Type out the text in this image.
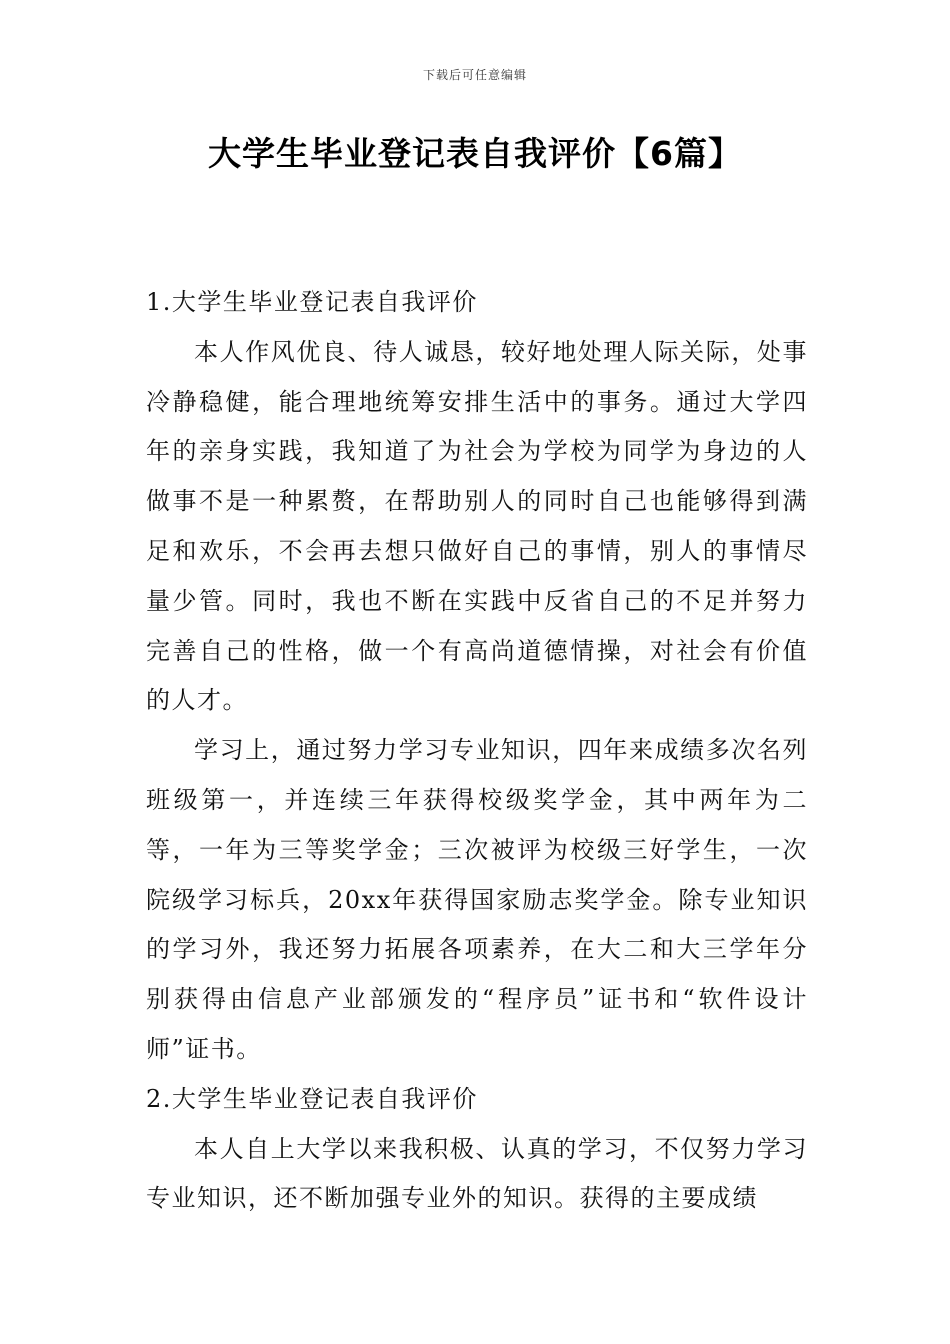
下载后可任意编辑
大学生毕业登记表自我评价【6篇】
1.大学生毕业登记表自我评价

本人作风优良、待人诚恳，较好地处理人际关际，处事冷静稳健，能合理地统筹安排生活中的事务。通过大学四年的亲身实践，我知道了为社会为学校为同学为身边的人做事不是一种累赘，在帮助别人的同时自己也能够得到满足和欢乐，不会再去想只做好自己的事情，别人的事情尽量少管。同时，我也不断在实践中反省自己的不足并努力完善自己的性格，做一个有高尚道德情操，对社会有价值的人才。

学习上，通过努力学习专业知识，四年来成绩多次名列班级第一，并连续三年获得校级奖学金，其中两年为二等，一年为三等奖学金；三次被评为校级三好学生，一次院级学习标兵，20xx年获得国家励志奖学金。除专业知识的学习外，我还努力拓展各项素养，在大二和大三学年分别获得由信息产业部颁发的“程序员”证书和“软件设计师”证书。

2.大学生毕业登记表自我评价

本人自上大学以来我积极、认真的学习，不仅努力学习专业知识，还不断加强专业外的知识。获得的主要成绩
